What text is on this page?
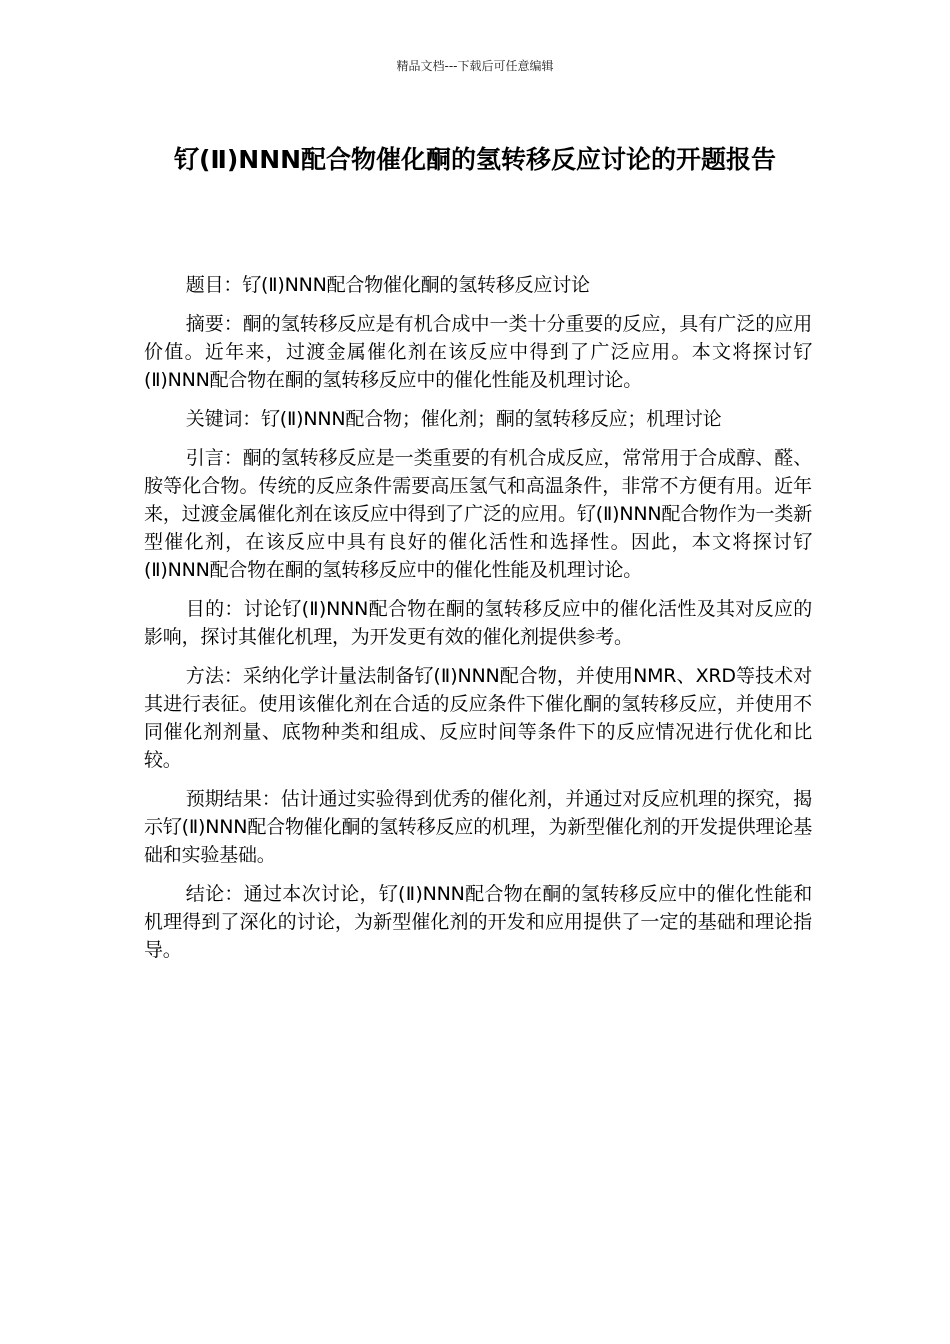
精品文档---下载后可任意编辑
钌(Ⅱ)NNN配合物催化酮的氢转移反应讨论的开题报告

题目：钌(Ⅱ)NNN配合物催化酮的氢转移反应讨论

摘要：酮的氢转移反应是有机合成中一类十分重要的反应，具有广泛的应用价值。近年来，过渡金属催化剂在该反应中得到了广泛应用。本文将探讨钌(Ⅱ)NNN配合物在酮的氢转移反应中的催化性能及机理讨论。

关键词：钌(Ⅱ)NNN配合物；催化剂；酮的氢转移反应；机理讨论

引言：酮的氢转移反应是一类重要的有机合成反应，常常用于合成醇、醛、胺等化合物。传统的反应条件需要高压氢气和高温条件，非常不方便有用。近年来，过渡金属催化剂在该反应中得到了广泛的应用。钌(Ⅱ)NNN配合物作为一类新型催化剂，在该反应中具有良好的催化活性和选择性。因此，本文将探讨钌(Ⅱ)NNN配合物在酮的氢转移反应中的催化性能及机理讨论。

目的：讨论钌(Ⅱ)NNN配合物在酮的氢转移反应中的催化活性及其对反应的影响，探讨其催化机理，为开发更有效的催化剂提供参考。

方法：采纳化学计量法制备钌(Ⅱ)NNN配合物，并使用NMR、XRD等技术对其进行表征。使用该催化剂在合适的反应条件下催化酮的氢转移反应，并使用不同催化剂剂量、底物种类和组成、反应时间等条件下的反应情况进行优化和比较。

预期结果：估计通过实验得到优秀的催化剂，并通过对反应机理的探究，揭示钌(Ⅱ)NNN配合物催化酮的氢转移反应的机理，为新型催化剂的开发提供理论基础和实验基础。

结论：通过本次讨论，钌(Ⅱ)NNN配合物在酮的氢转移反应中的催化性能和机理得到了深化的讨论，为新型催化剂的开发和应用提供了一定的基础和理论指导。
